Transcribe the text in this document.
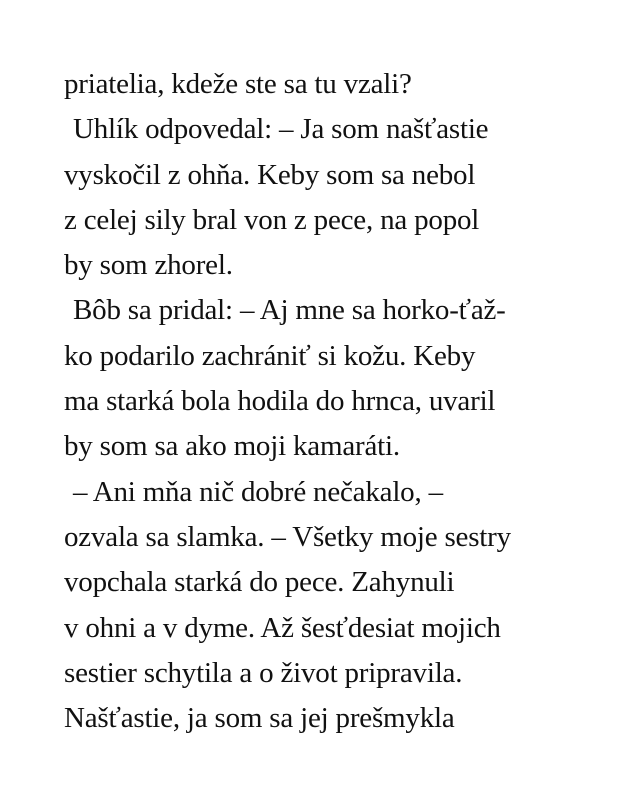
priatelia, kdeže ste sa tu vzali?
Uhlík odpovedal: – Ja som našťastie
vyskočil z ohňa. Keby som sa nebol
z celej sily bral von z pece, na popol
by som zhorel.
Bôb sa pridal: – Aj mne sa horko-ťaž-
ko podarilo zachrániť si kožu. Keby
ma starká bola hodila do hrnca, uvaril
by som sa ako moji kamaráti.
– Ani mňa nič dobré nečakalo, –
ozvala sa slamka. – Všetky moje sestry
vopchala starká do pece. Zahynuli
v ohni a v dyme. Až šesťdesiat mojich
sestier schytila a o život pripravila.
Našťastie, ja som sa jej prešmykla
